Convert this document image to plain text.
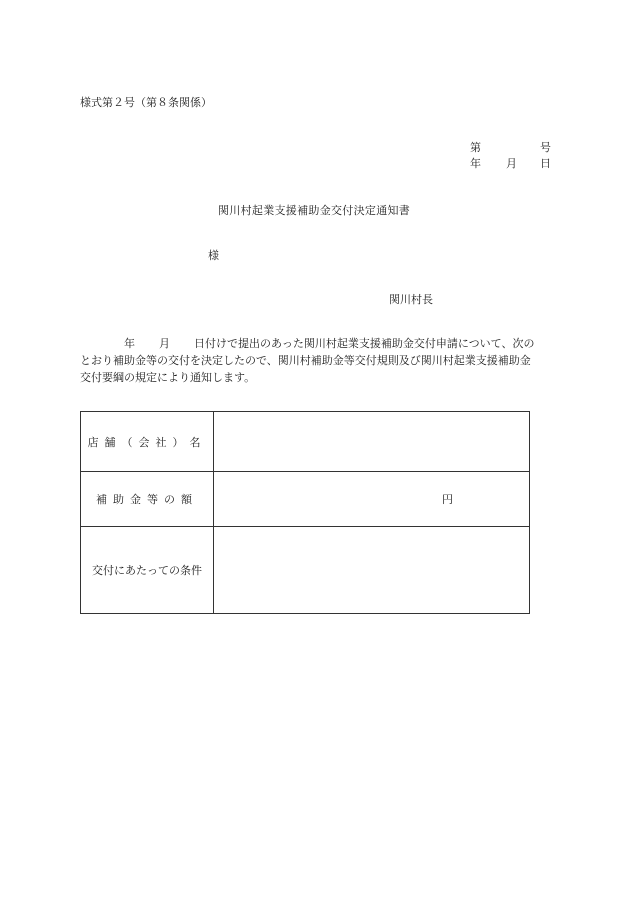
様式第２号（第８条関係）
第	号
年 月 日
関川村起業支援補助金交付決定通知書
様
関川村長
年 月 日付けで提出のあった関川村起業支援補助金交付申請について、次の
とおり補助金等の交付を決定したので、関川村補助金等交付規則及び関川村起業支援補助金
交付要綱の規定により通知します。
店舗（会社）名	
補助金等の額	円

交付にあたっての条件	
